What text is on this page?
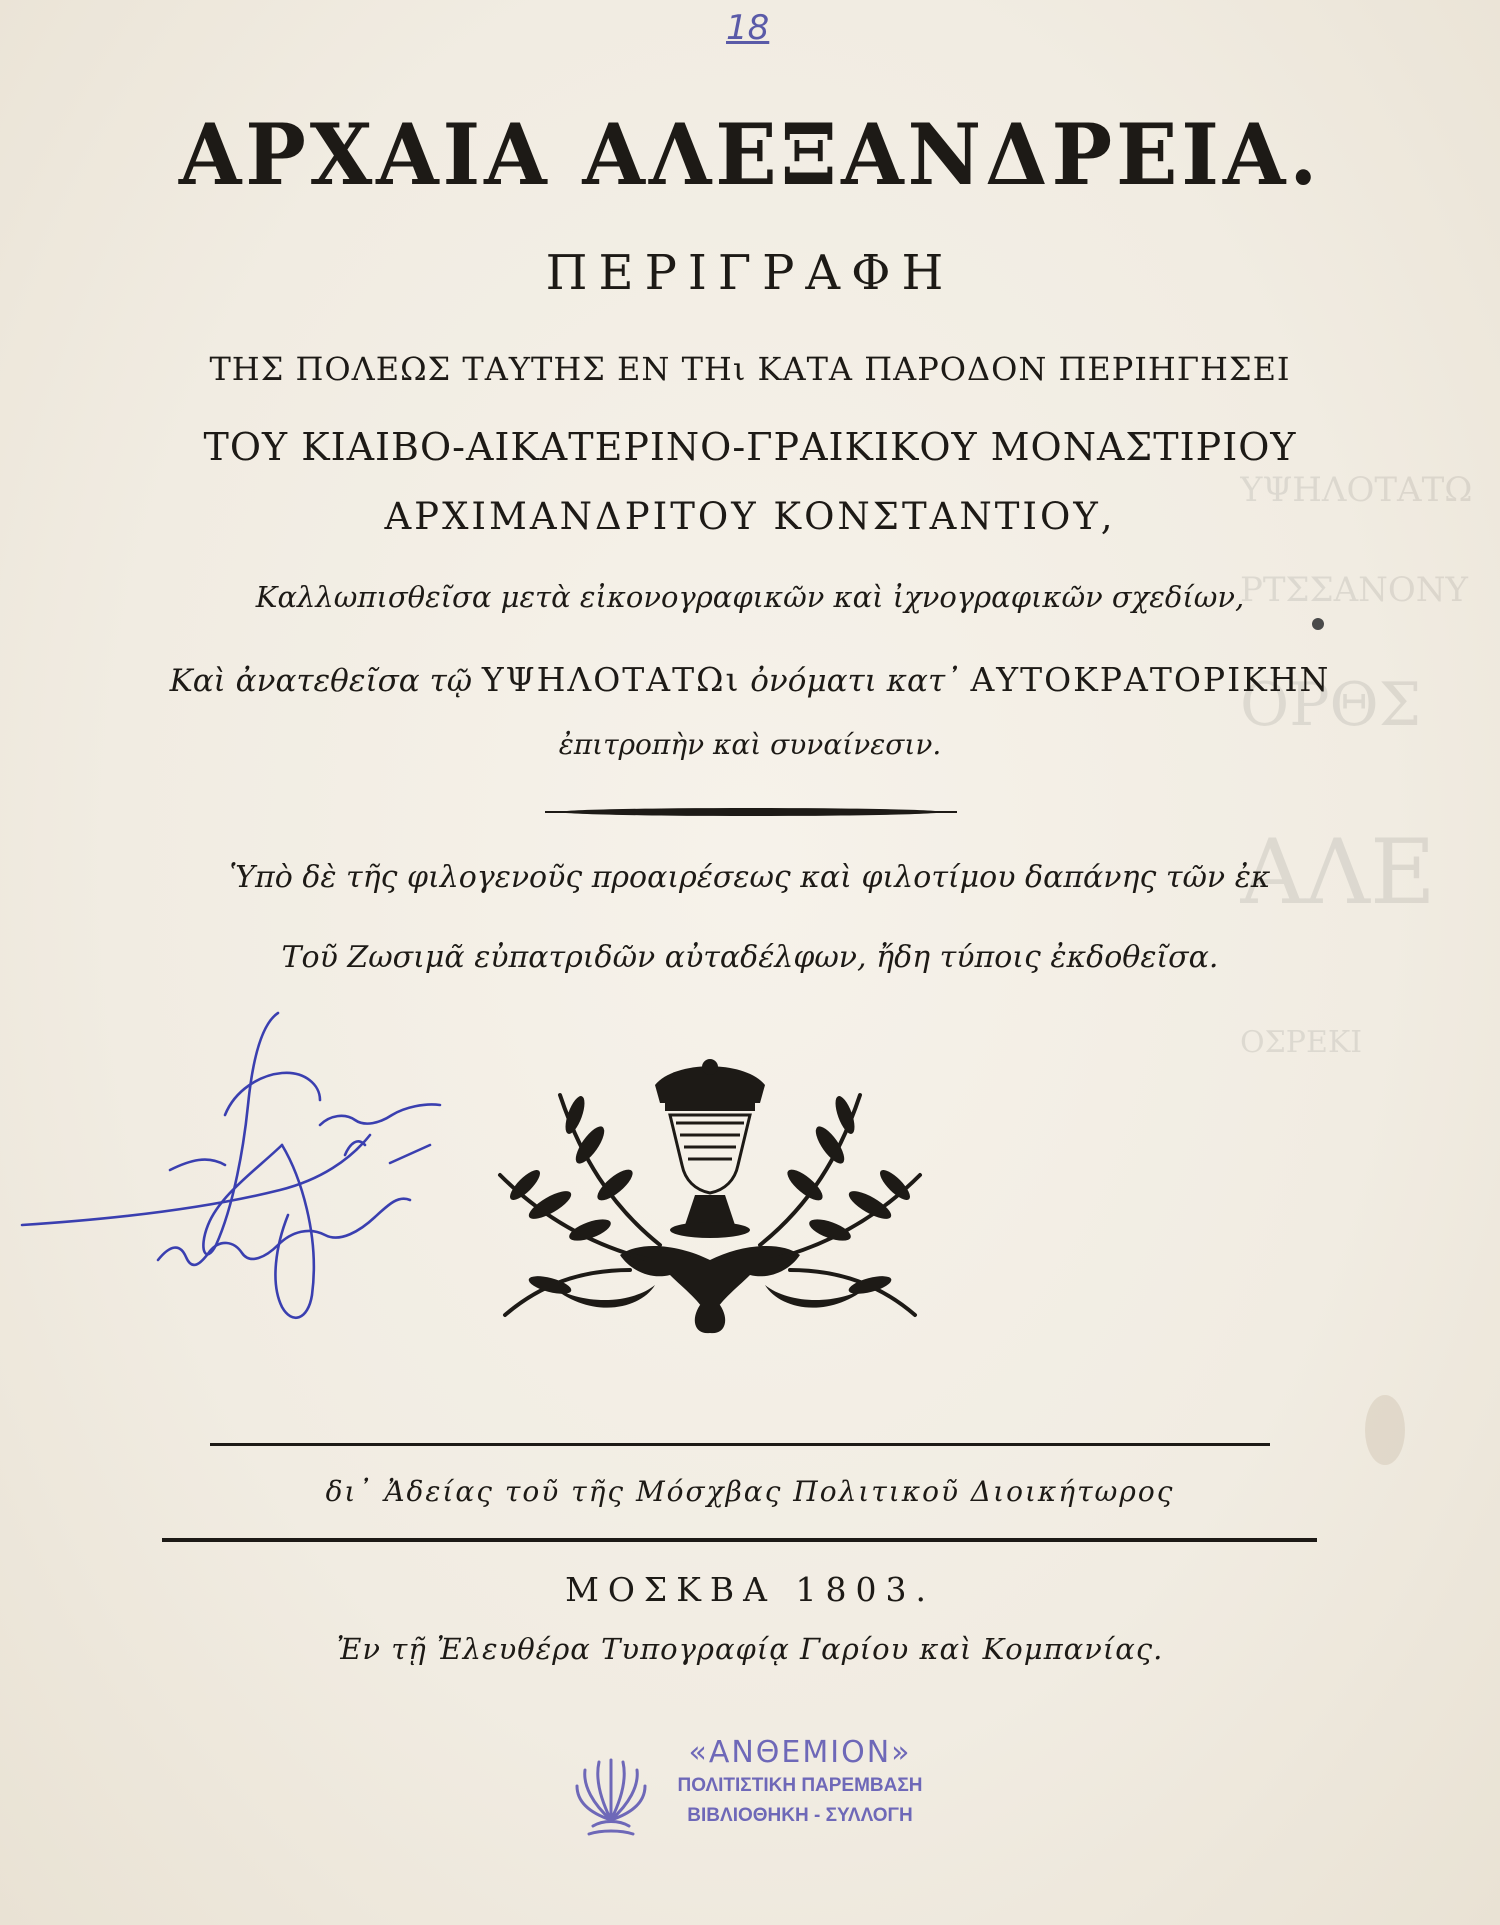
ΥΨΗΛΟΤΑΤΩ
ΡΤΣΣΑΝΟΝΥ
ΟΡΘΣ
ΑΛΕ
ΟΣΡΕΚΙ
18
ΑΡΧΑΙΑ ΑΛΕΞΑΝΔΡΕΙΑ.
ΠΕΡΙΓΡΑΦΗ
ΤΗΣ ΠΟΛΕΩΣ ΤΑΥΤΗΣ ΕΝ ΤΗι ΚΑΤΑ ΠΑΡΟΔΟΝ ΠΕΡΙΗΓΗΣΕΙ
ΤΟΥ ΚΙΑΙΒΟ-ΑΙΚΑΤΕΡΙΝΟ-ΓΡΑΙΚΙΚΟΥ ΜΟΝΑΣΤΙΡΙΟΥ
ΑΡΧΙΜΑΝΔΡΙΤΟΥ ΚΟΝΣΤΑΝΤΙΟΥ,
Καλλωπισθεῖσα μετὰ εἰκονογραφικῶν καὶ ἰχνογραφικῶν σχεδίων,
Καὶ ἀνατεθεῖσα τῷ ΥΨΗΛΟΤΑΤΩι ὀνόματι κατ᾽ ΑΥΤΟΚΡΑΤΟΡΙΚΗΝ
ἐπιτροπὴν καὶ συναίνεσιν.
Ὑπὸ δὲ τῆς φιλογενοῦς προαιρέσεως καὶ φιλοτίμου δαπάνης τῶν ἐκ
Τοῦ Ζωσιμᾶ εὐπατριδῶν αὐταδέλφων, ἤδη τύποις ἐκδοθεῖσα.
δι᾽ Ἀδείας τοῦ τῆς Μόσχβας Πολιτικοῦ Διοικήτωρος
ΜΟΣΚΒΑ 1803.
Ἐν τῇ Ἐλευθέρα Τυπογραφίᾳ Γαρίου καὶ Κομπανίας.
«ΑΝΘΕΜΙΟΝ»
ΠΟΛΙΤΙΣΤΙΚΗ ΠΑΡΕΜΒΑΣΗ
ΒΙΒΛΙΟΘΗΚΗ - ΣΥΛΛΟΓΗ
